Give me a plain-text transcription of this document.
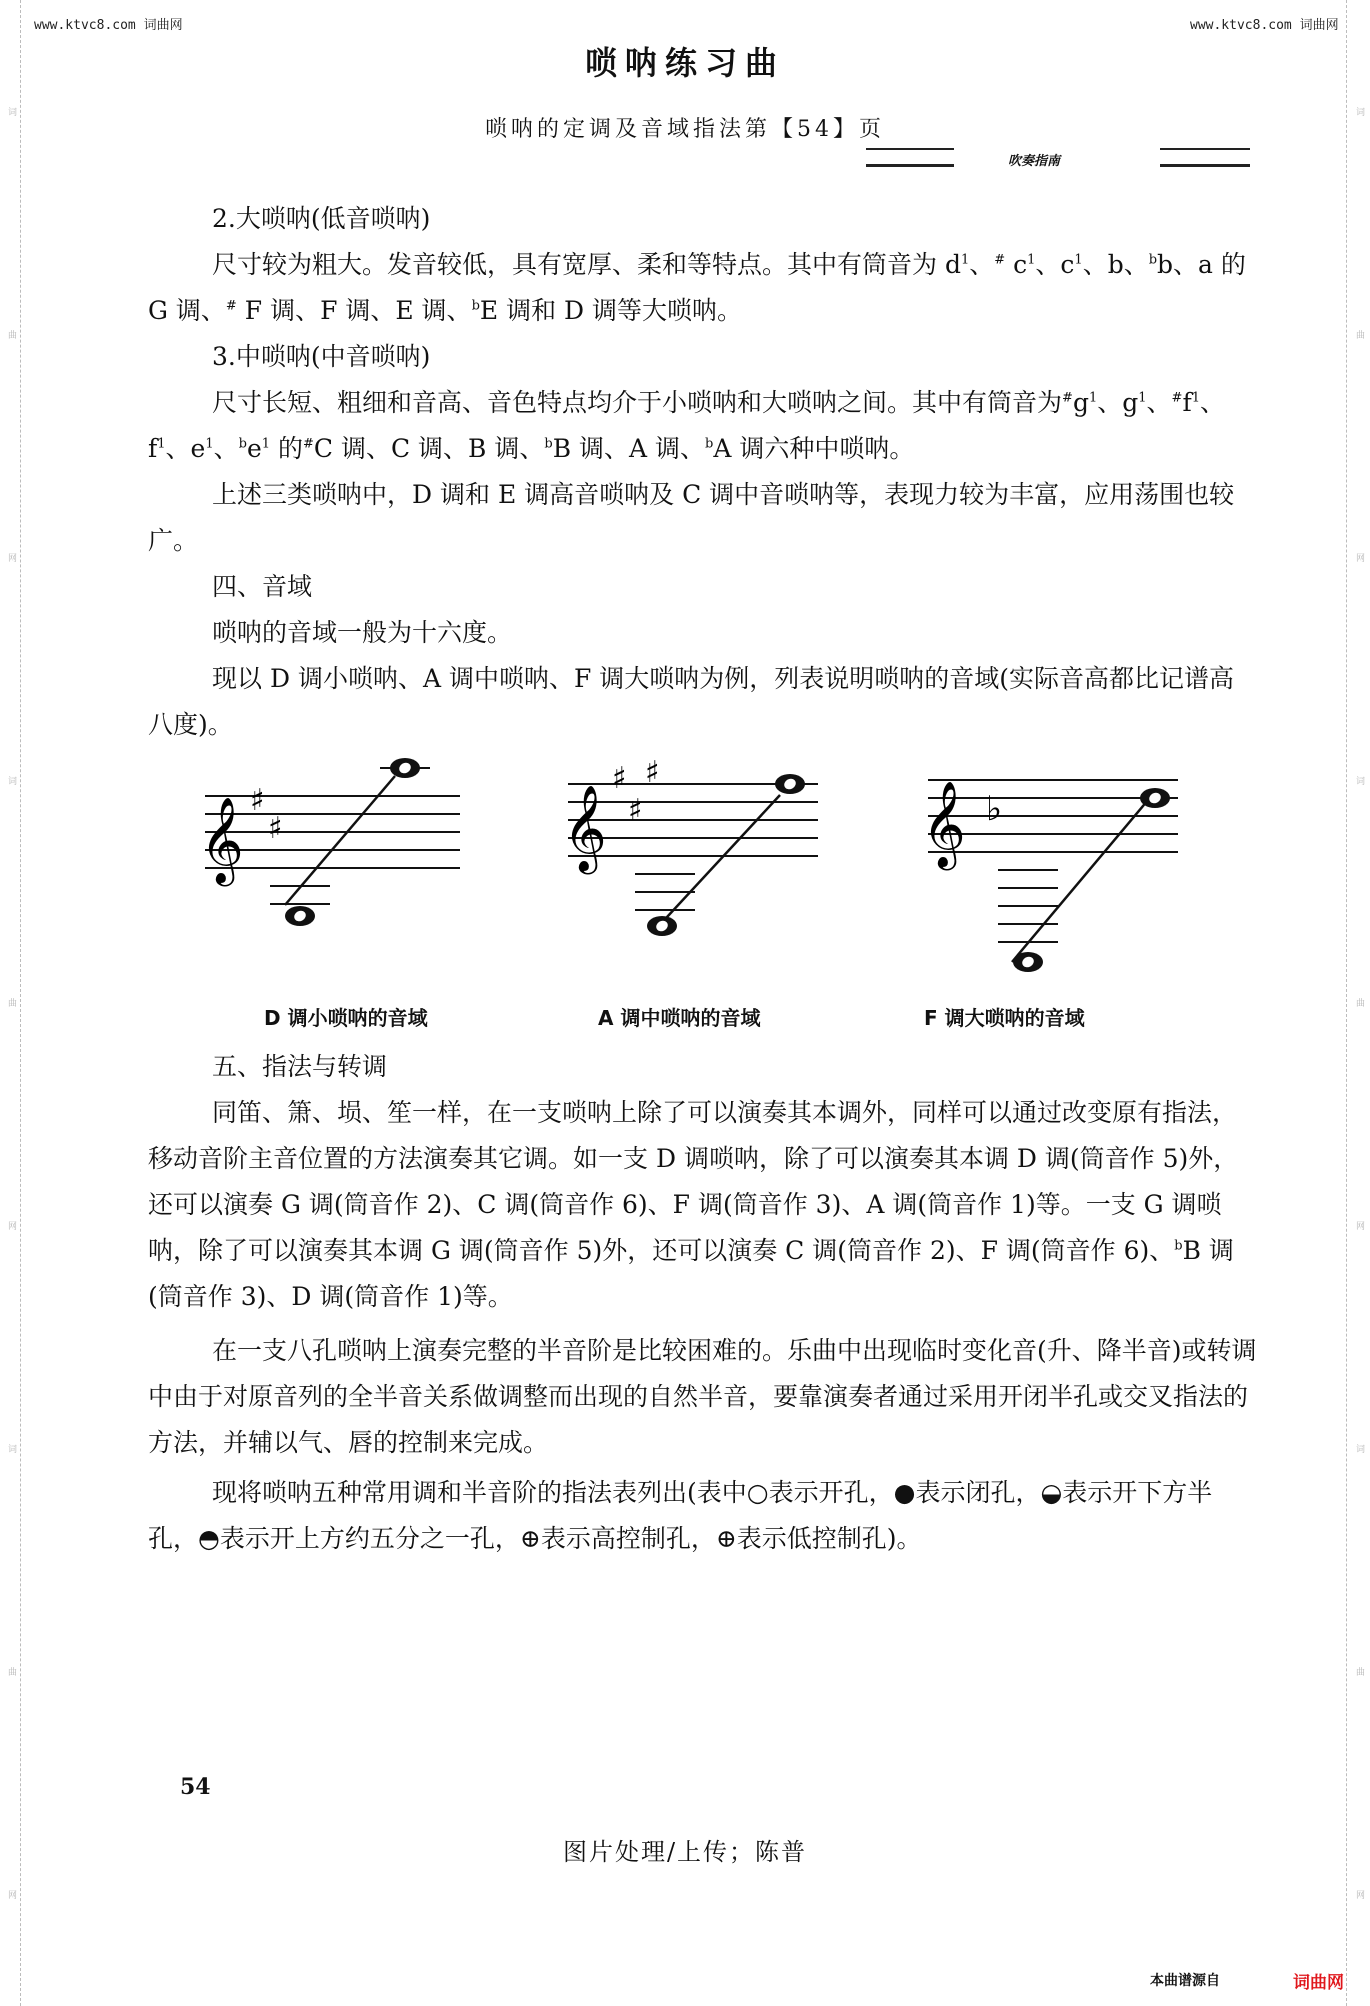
词
曲
网
词
曲
网
词
曲
网
词
曲
网
词
曲
网
词
曲
网
www.ktvc8.com 词曲网	www.ktvc8.com 词曲网
唢呐练习曲
唢呐的定调及音域指法第【54】页
吹奏指南

2.大唢呐(低音唢呐)

尺寸较为粗大。发音较低，具有宽厚、柔和等特点。其中有筒音为 $d^1$、# $c^1$、$c^1$、b、$^b$b、a 的 G 调、# F 调、F 调、E 调、$^b$E 调和 D 调等大唢呐。

3.中唢呐(中音唢呐)

尺寸长短、粗细和音高、音色特点均介于小唢呐和大唢呐之间。其中有筒音为$^{\#}g^1$、$g^1$、$^{\#}f^1$、$f^1$、$e^1$、$^be^1$ 的#C 调、C 调、B 调、$^b$B 调、A 调、$^b$A 调六种中唢呐。

上述三类唢呐中，D 调和 E 调高音唢呐及 C 调中音唢呐等，表现力较为丰富，应用荡围也较广。

四、音域

唢呐的音域一般为十六度。

现以 D 调小唢呐、A 调中唢呐、F 调大唢呐为例，列表说明唢呐的音域(实际音高都比记谱高八度)。

𝄞 ♯
♯	𝄞
♯
♯
♯
𝄞 ♭
D 调小唢呐的音域	A 调中唢呐的音域	F 调大唢呐的音域

五、指法与转调

同笛、箫、埙、笙一样，在一支唢呐上除了可以演奏其本调外，同样可以通过改变原有指法，移动音阶主音位置的方法演奏其它调。如一支 D 调唢呐，除了可以演奏其本调 D 调(筒音作 5)外，还可以演奏 G 调(筒音作 2)、C 调(筒音作 6)、F 调(筒音作 3)、A 调(筒音作 1)等。一支 G 调唢呐，除了可以演奏其本调 G 调(筒音作 5)外，还可以演奏 C 调(筒音作 2)、F 调(筒音作 6)、$^b$B 调(筒音作 3)、D 调(筒音作 1)等。

在一支八孔唢呐上演奏完整的半音阶是比较困难的。乐曲中出现临时变化音(升、降半音)或转调中由于对原音列的全半音关系做调整而出现的自然半音，要靠演奏者通过采用开闭半孔或交叉指法的方法，并辅以气、唇的控制来完成。

现将唢呐五种常用调和半音阶的指法表列出(表中○表示开孔，●表示闭孔，◒表示开下方半孔，◓表示开上方约五分之一孔，⊕表示高控制孔，⊕表示低控制孔)。

54
图片处理/上传；陈普
本曲谱源自	词曲网
